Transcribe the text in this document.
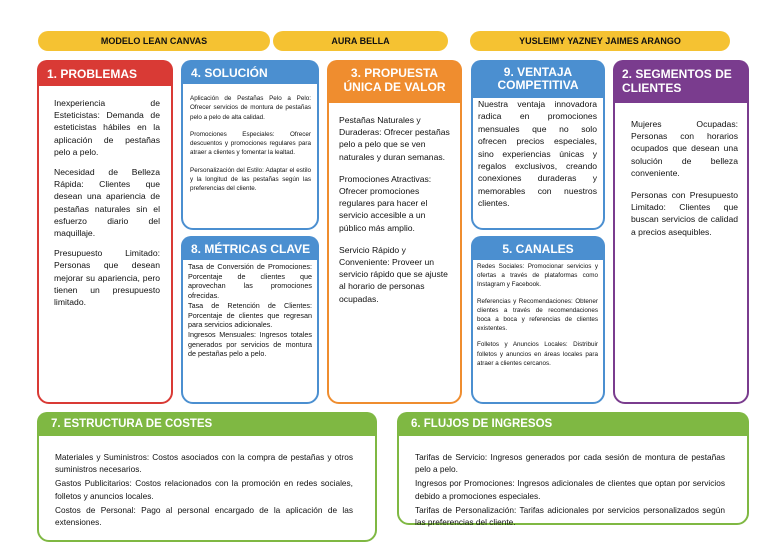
MODELO LEAN CANVAS	AURA BELLA	YUSLEIMY YAZNEY JAIMES ARANGO
1. PROBLEMAS

Inexperiencia de Esteticistas: Demanda de esteticistas hábiles en la aplicación de pestañas pelo a pelo.

Necesidad de Belleza Rápida: Clientes que desean una apariencia de pestañas naturales sin el esfuerzo diario del maquillaje.

Presupuesto Limitado: Personas que desean mejorar su apariencia, pero tienen un presupuesto limitado.

4. SOLUCIÓN

Aplicación de Pestañas Pelo a Pelo: Ofrecer servicios de montura de pestañas pelo a pelo de alta calidad.

Promociones Especiales: Ofrecer descuentos y promociones regulares para atraer a clientes y fomentar la lealtad.

Personalización del Estilo: Adaptar el estilo y la longitud de las pestañas según las preferencias del cliente.

8. MÉTRICAS CLAVE

Tasa de Conversión de Promociones: Porcentaje de clientes que aprovechan las promociones ofrecidas.

Tasa de Retención de Clientes: Porcentaje de clientes que regresan para servicios adicionales.

Ingresos Mensuales: Ingresos totales generados por servicios de montura de pestañas pelo a pelo.

3. PROPUESTA
ÚNICA DE VALOR

Pestañas Naturales y Duraderas: Ofrecer pestañas pelo a pelo que se ven naturales y duran semanas.

Promociones Atractivas: Ofrecer promociones regulares para hacer el servicio accesible a un público más amplio.

Servicio Rápido y Conveniente: Proveer un servicio rápido que se ajuste al horario de personas ocupadas.

9. VENTAJA
COMPETITIVA

Nuestra ventaja innovadora radica en promociones mensuales que no solo ofrecen precios especiales, sino experiencias únicas y regalos exclusivos, creando conexiones duraderas y memorables con nuestros clientes.

5. CANALES

Redes Sociales: Promocionar servicios y ofertas a través de plataformas como Instagram y Facebook.

Referencias y Recomendaciones: Obtener clientes a través de recomendaciones boca a boca y referencias de clientes existentes.

Folletos y Anuncios Locales: Distribuir folletos y anuncios en áreas locales para atraer a clientes cercanos.

2. SEGMENTOS DE
CLIENTES

Mujeres Ocupadas: Personas con horarios ocupados que desean una solución de belleza conveniente.

Personas con Presupuesto Limitado: Clientes que buscan servicios de calidad a precios asequibles.

7. ESTRUCTURA DE COSTES

Materiales y Suministros: Costos asociados con la compra de pestañas y otros suministros necesarios.

Gastos Publicitarios: Costos relacionados con la promoción en redes sociales, folletos y anuncios locales.

Costos de Personal: Pago al personal encargado de la aplicación de las extensiones.

6. FLUJOS DE INGRESOS

Tarifas de Servicio: Ingresos generados por cada sesión de montura de pestañas pelo a pelo.

Ingresos por Promociones: Ingresos adicionales de clientes que optan por servicios debido a promociones especiales.

Tarifas de Personalización: Tarifas adicionales por servicios personalizados según las preferencias del cliente.
